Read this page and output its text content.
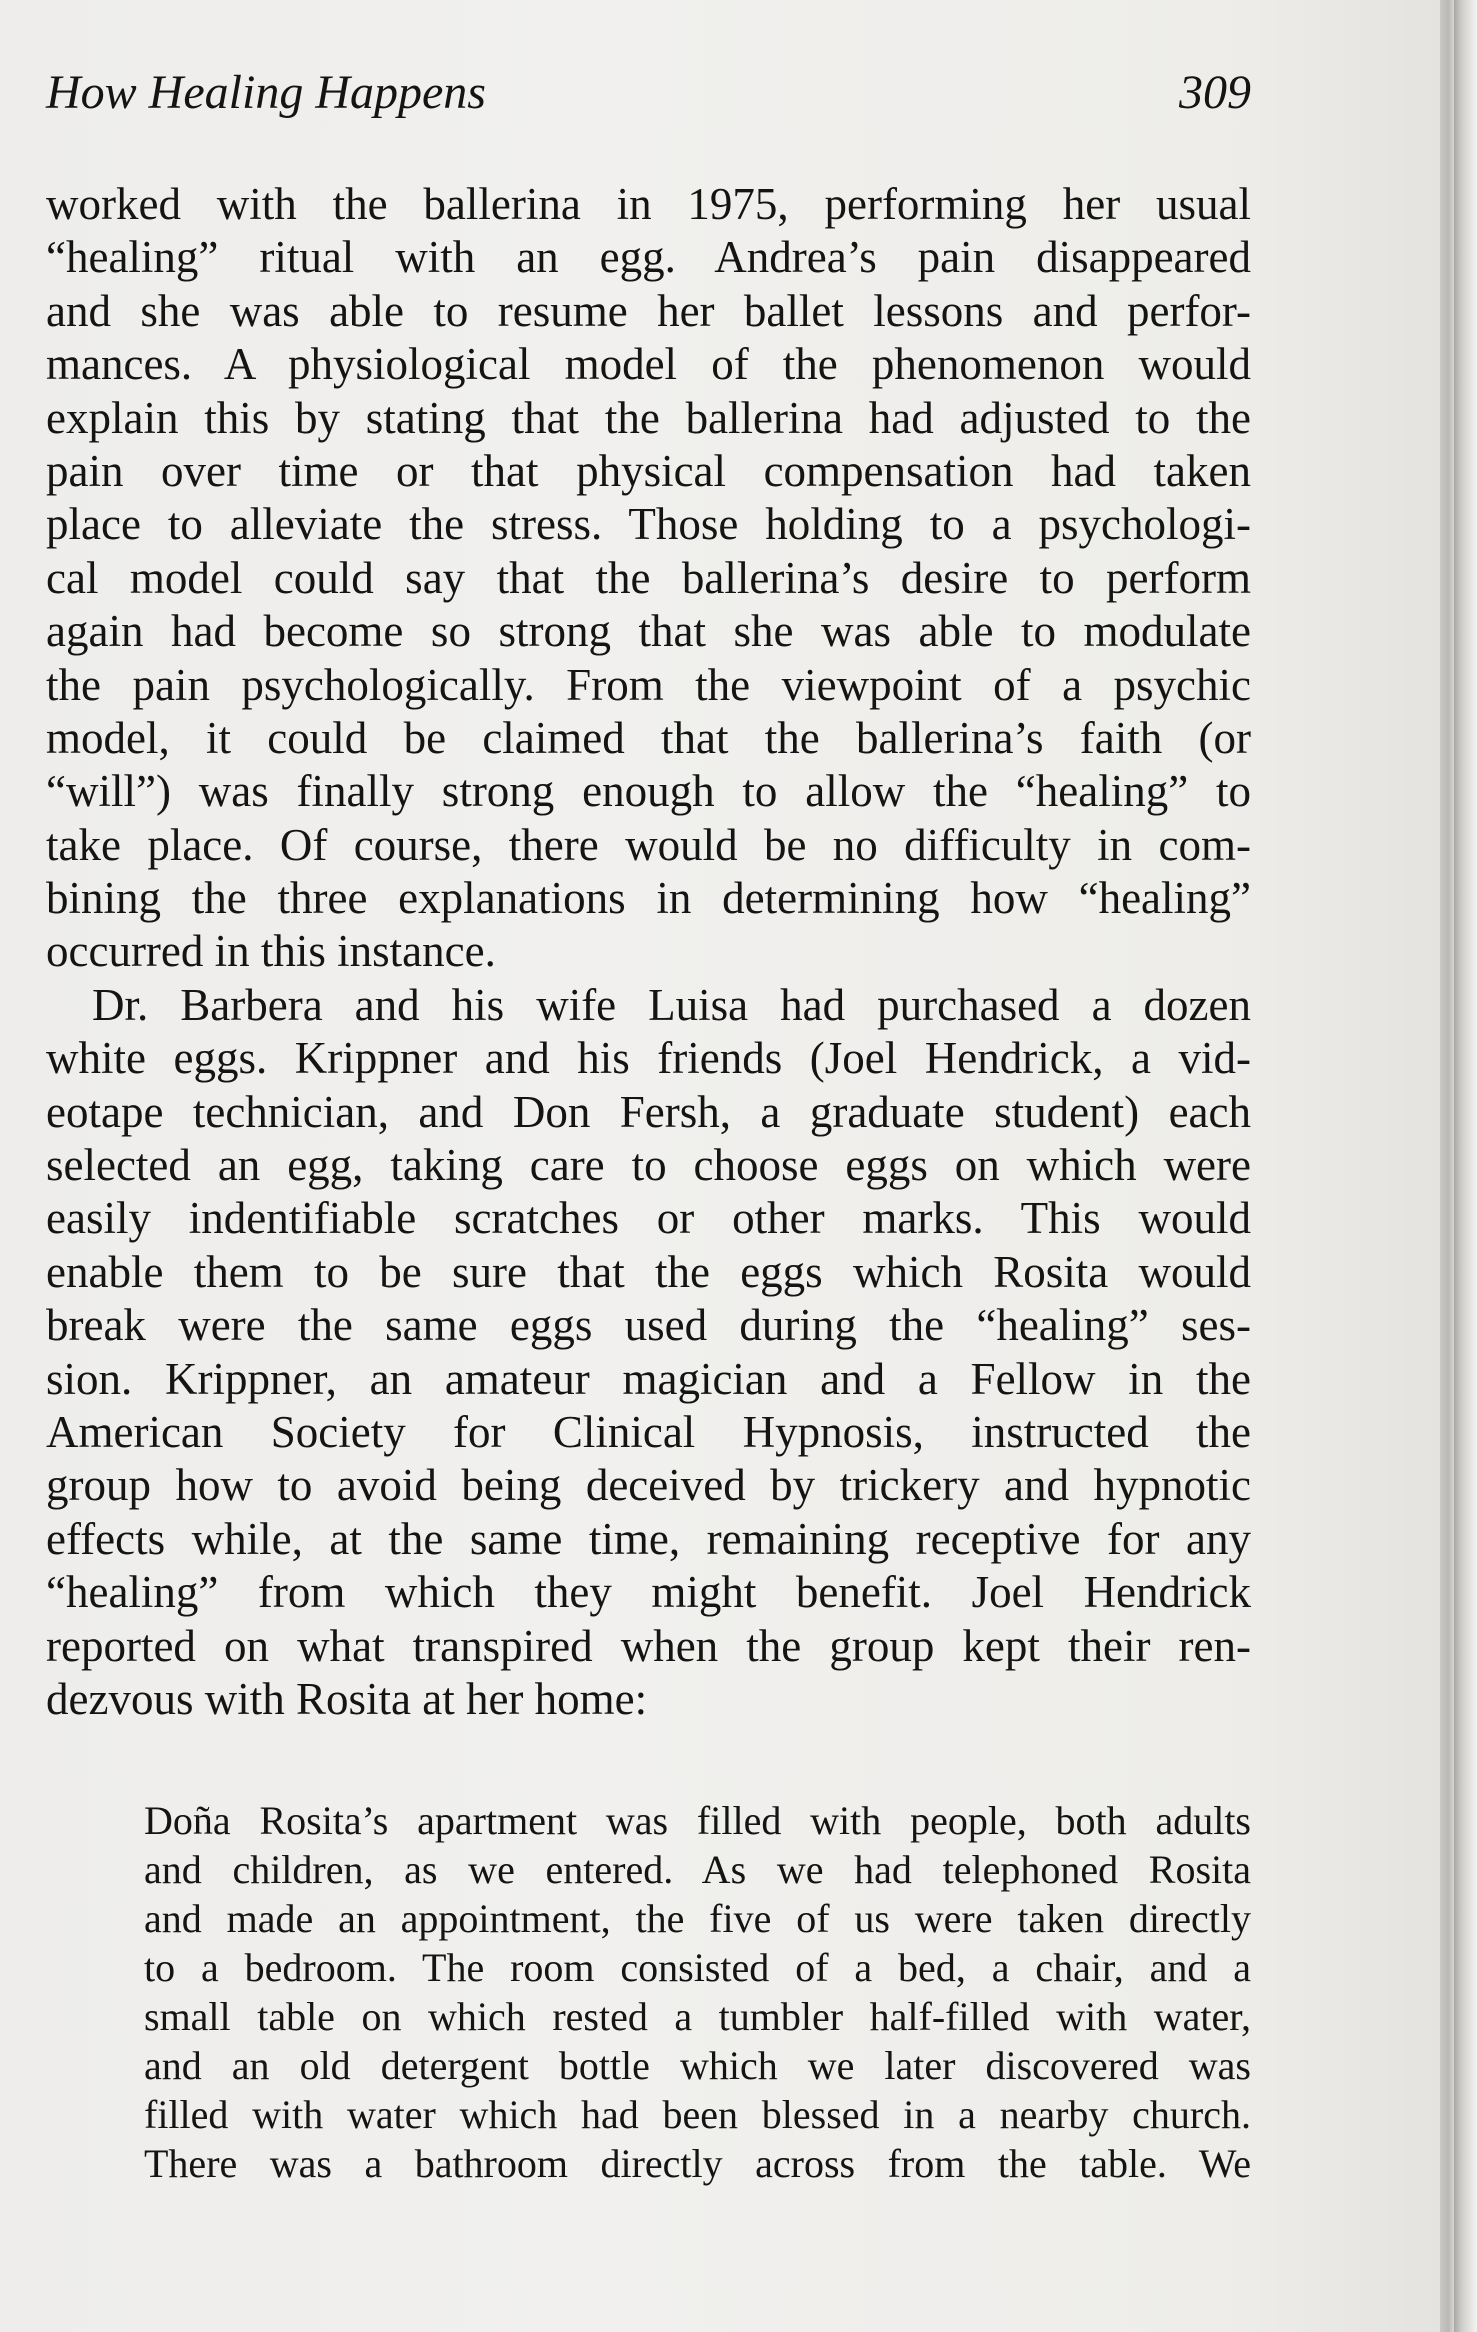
How Healing Happens	309
worked with the ballerina in 1975, performing her usual
“healing” ritual with an egg. Andrea’s pain disappeared
and she was able to resume her ballet lessons and perfor-
mances. A physiological model of the phenomenon would
explain this by stating that the ballerina had adjusted to the
pain over time or that physical compensation had taken
place to alleviate the stress. Those holding to a psychologi-
cal model could say that the ballerina’s desire to perform
again had become so strong that she was able to modulate
the pain psychologically. From the viewpoint of a psychic
model, it could be claimed that the ballerina’s faith (or
“will”) was finally strong enough to allow the “healing” to
take place. Of course, there would be no difficulty in com-
bining the three explanations in determining how “healing”
occurred in this instance.
Dr. Barbera and his wife Luisa had purchased a dozen
white eggs. Krippner and his friends (Joel Hendrick, a vid-
eotape technician, and Don Fersh, a graduate student) each
selected an egg, taking care to choose eggs on which were
easily indentifiable scratches or other marks. This would
enable them to be sure that the eggs which Rosita would
break were the same eggs used during the “healing” ses-
sion. Krippner, an amateur magician and a Fellow in the
American Society for Clinical Hypnosis, instructed the
group how to avoid being deceived by trickery and hypnotic
effects while, at the same time, remaining receptive for any
“healing” from which they might benefit. Joel Hendrick
reported on what transpired when the group kept their ren-
dezvous with Rosita at her home:
Doña Rosita’s apartment was filled with people, both adults
and children, as we entered. As we had telephoned Rosita
and made an appointment, the five of us were taken directly
to a bedroom. The room consisted of a bed, a chair, and a
small table on which rested a tumbler half-filled with water,
and an old detergent bottle which we later discovered was
filled with water which had been blessed in a nearby church.
There was a bathroom directly across from the table. We
